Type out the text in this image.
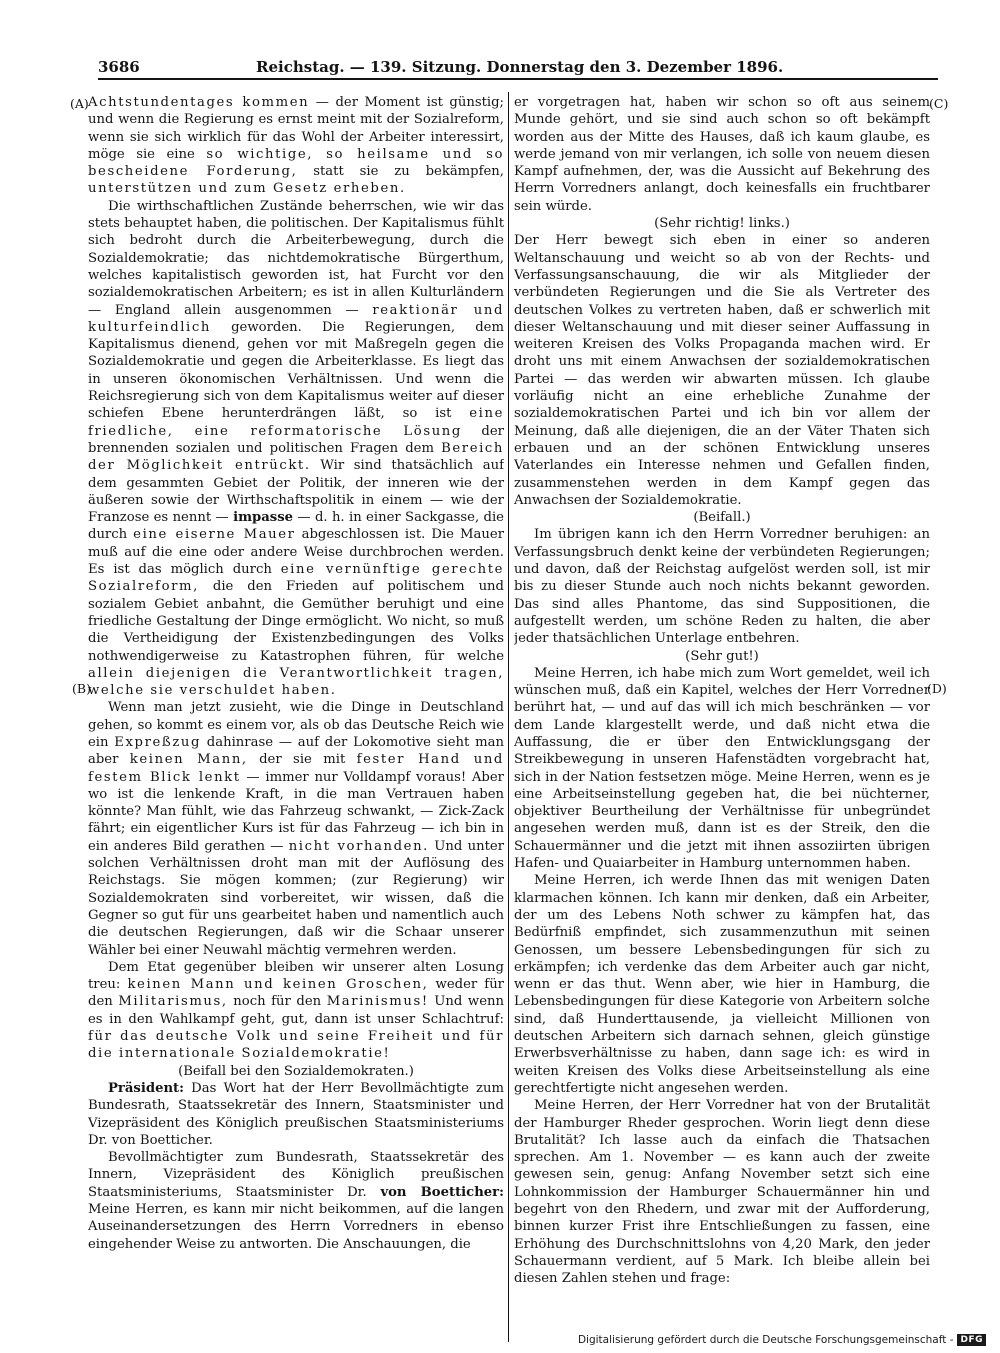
3686	Reichstag. — 139. Sitzung. Donnerstag den 3. Dezember 1896.
(A)
(B)
(C)
(D)

Achtstundentages kommen — der Moment ist günstig; und wenn die Regierung es ernst meint mit der Sozialreform, wenn sie sich wirklich für das Wohl der Arbeiter interessirt, möge sie eine so wichtige, so heilsame und so bescheidene Forderung, statt sie zu bekämpfen, unterstützen und zum Gesetz erheben.

Die wirthschaftlichen Zustände beherrschen, wie wir das stets behauptet haben, die politischen. Der Kapitalismus fühlt sich bedroht durch die Arbeiterbewegung, durch die Sozialdemokratie; das nichtdemokratische Bürgerthum, welches kapitalistisch geworden ist, hat Furcht vor den sozialdemokratischen Arbeitern; es ist in allen Kulturländern — England allein ausgenommen — reaktionär und kulturfeindlich geworden. Die Regierungen, dem Kapitalismus dienend, gehen vor mit Maßregeln gegen die Sozialdemokratie und gegen die Arbeiterklasse. Es liegt das in unseren ökonomischen Verhältnissen. Und wenn die Reichsregierung sich von dem Kapitalismus weiter auf dieser schiefen Ebene herunterdrängen läßt, so ist eine friedliche, eine reformatorische Lösung der brennenden sozialen und politischen Fragen dem Bereich der Möglichkeit entrückt. Wir sind thatsächlich auf dem gesammten Gebiet der Politik, der inneren wie der äußeren sowie der Wirthschaftspolitik in einem — wie der Franzose es nennt — impasse — d. h. in einer Sackgasse, die durch eine eiserne Mauer abgeschlossen ist. Die Mauer muß auf die eine oder andere Weise durchbrochen werden. Es ist das möglich durch eine vernünftige gerechte Sozialreform, die den Frieden auf politischem und sozialem Gebiet anbahnt, die Gemüther beruhigt und eine friedliche Gestaltung der Dinge ermöglicht. Wo nicht, so muß die Vertheidigung der Existenzbedingungen des Volks nothwendigerweise zu Katastrophen führen, für welche allein diejenigen die Verantwortlichkeit tragen, welche sie verschuldet haben.

Wenn man jetzt zusieht, wie die Dinge in Deutschland gehen, so kommt es einem vor, als ob das Deutsche Reich wie ein Expreßzug dahinrase — auf der Lokomotive sieht man aber keinen Mann, der sie mit fester Hand und festem Blick lenkt — immer nur Volldampf voraus! Aber wo ist die lenkende Kraft, in die man Vertrauen haben könnte? Man fühlt, wie das Fahrzeug schwankt, — Zick-Zack fährt; ein eigentlicher Kurs ist für das Fahrzeug — ich bin in ein anderes Bild gerathen — nicht vorhanden. Und unter solchen Verhältnissen droht man mit der Auflösung des Reichstags. Sie mögen kommen; (zur Regierung) wir Sozialdemokraten sind vorbereitet, wir wissen, daß die Gegner so gut für uns gearbeitet haben und namentlich auch die deutschen Regierungen, daß wir die Schaar unserer Wähler bei einer Neuwahl mächtig vermehren werden.

Dem Etat gegenüber bleiben wir unserer alten Losung treu: keinen Mann und keinen Groschen, weder für den Militarismus, noch für den Marinismus! Und wenn es in den Wahlkampf geht, gut, dann ist unser Schlachtruf: für das deutsche Volk und seine Freiheit und für die internationale Sozialdemokratie!

(Beifall bei den Sozialdemokraten.)

Präsident: Das Wort hat der Herr Bevollmächtigte zum Bundesrath, Staatssekretär des Innern, Staatsminister und Vizepräsident des Königlich preußischen Staatsministeriums Dr. von Boetticher.

Bevollmächtigter zum Bundesrath, Staatssekretär des Innern, Vizepräsident des Königlich preußischen Staatsministeriums, Staatsminister Dr. von Boetticher: Meine Herren, es kann mir nicht beikommen, auf die langen Auseinandersetzungen des Herrn Vorredners in ebenso eingehender Weise zu antworten. Die Anschauungen, die

er vorgetragen hat, haben wir schon so oft aus seinem Munde gehört, und sie sind auch schon so oft bekämpft worden aus der Mitte des Hauses, daß ich kaum glaube, es werde jemand von mir verlangen, ich solle von neuem diesen Kampf aufnehmen, der, was die Aussicht auf Bekehrung des Herrn Vorredners anlangt, doch keinesfalls ein fruchtbarer sein würde.

(Sehr richtig! links.)

Der Herr bewegt sich eben in einer so anderen Weltanschauung und weicht so ab von der Rechts- und Verfassungsanschauung, die wir als Mitglieder der verbündeten Regierungen und die Sie als Vertreter des deutschen Volkes zu vertreten haben, daß er schwerlich mit dieser Weltanschauung und mit dieser seiner Auffassung in weiteren Kreisen des Volks Propaganda machen wird. Er droht uns mit einem Anwachsen der sozialdemokratischen Partei — das werden wir abwarten müssen. Ich glaube vorläufig nicht an eine erhebliche Zunahme der sozialdemokratischen Partei und ich bin vor allem der Meinung, daß alle diejenigen, die an der Väter Thaten sich erbauen und an der schönen Entwicklung unseres Vaterlandes ein Interesse nehmen und Gefallen finden, zusammenstehen werden in dem Kampf gegen das Anwachsen der Sozialdemokratie.

(Beifall.)

Im übrigen kann ich den Herrn Vorredner beruhigen: an Verfassungsbruch denkt keine der verbündeten Regierungen; und davon, daß der Reichstag aufgelöst werden soll, ist mir bis zu dieser Stunde auch noch nichts bekannt geworden. Das sind alles Phantome, das sind Suppositionen, die aufgestellt werden, um schöne Reden zu halten, die aber jeder thatsächlichen Unterlage entbehren.

(Sehr gut!)

Meine Herren, ich habe mich zum Wort gemeldet, weil ich wünschen muß, daß ein Kapitel, welches der Herr Vorredner berührt hat, — und auf das will ich mich beschränken — vor dem Lande klargestellt werde, und daß nicht etwa die Auffassung, die er über den Entwicklungsgang der Streikbewegung in unseren Hafenstädten vorgebracht hat, sich in der Nation festsetzen möge. Meine Herren, wenn es je eine Arbeitseinstellung gegeben hat, die bei nüchterner, objektiver Beurtheilung der Verhältnisse für unbegründet angesehen werden muß, dann ist es der Streik, den die Schauermänner und die jetzt mit ihnen assoziirten übrigen Hafen- und Quaiarbeiter in Hamburg unternommen haben.

Meine Herren, ich werde Ihnen das mit wenigen Daten klarmachen können. Ich kann mir denken, daß ein Arbeiter, der um des Lebens Noth schwer zu kämpfen hat, das Bedürfniß empfindet, sich zusammenzuthun mit seinen Genossen, um bessere Lebensbedingungen für sich zu erkämpfen; ich verdenke das dem Arbeiter auch gar nicht, wenn er das thut. Wenn aber, wie hier in Hamburg, die Lebensbedingungen für diese Kategorie von Arbeitern solche sind, daß Hunderttausende, ja vielleicht Millionen von deutschen Arbeitern sich darnach sehnen, gleich günstige Erwerbsverhältnisse zu haben, dann sage ich: es wird in weiten Kreisen des Volks diese Arbeitseinstellung als eine gerechtfertigte nicht angesehen werden.

Meine Herren, der Herr Vorredner hat von der Brutalität der Hamburger Rheder gesprochen. Worin liegt denn diese Brutalität? Ich lasse auch da einfach die Thatsachen sprechen. Am 1. November — es kann auch der zweite gewesen sein, genug: Anfang November setzt sich eine Lohnkommission der Hamburger Schauermänner hin und begehrt von den Rhedern, und zwar mit der Aufforderung, binnen kurzer Frist ihre Entschließungen zu fassen, eine Erhöhung des Durchschnittslohns von 4,20 Mark, den jeder Schauermann verdient, auf 5 Mark. Ich bleibe allein bei diesen Zahlen stehen und frage:

Digitalisierung gefördert durch die Deutsche Forschungsgemeinschaft - DFG
